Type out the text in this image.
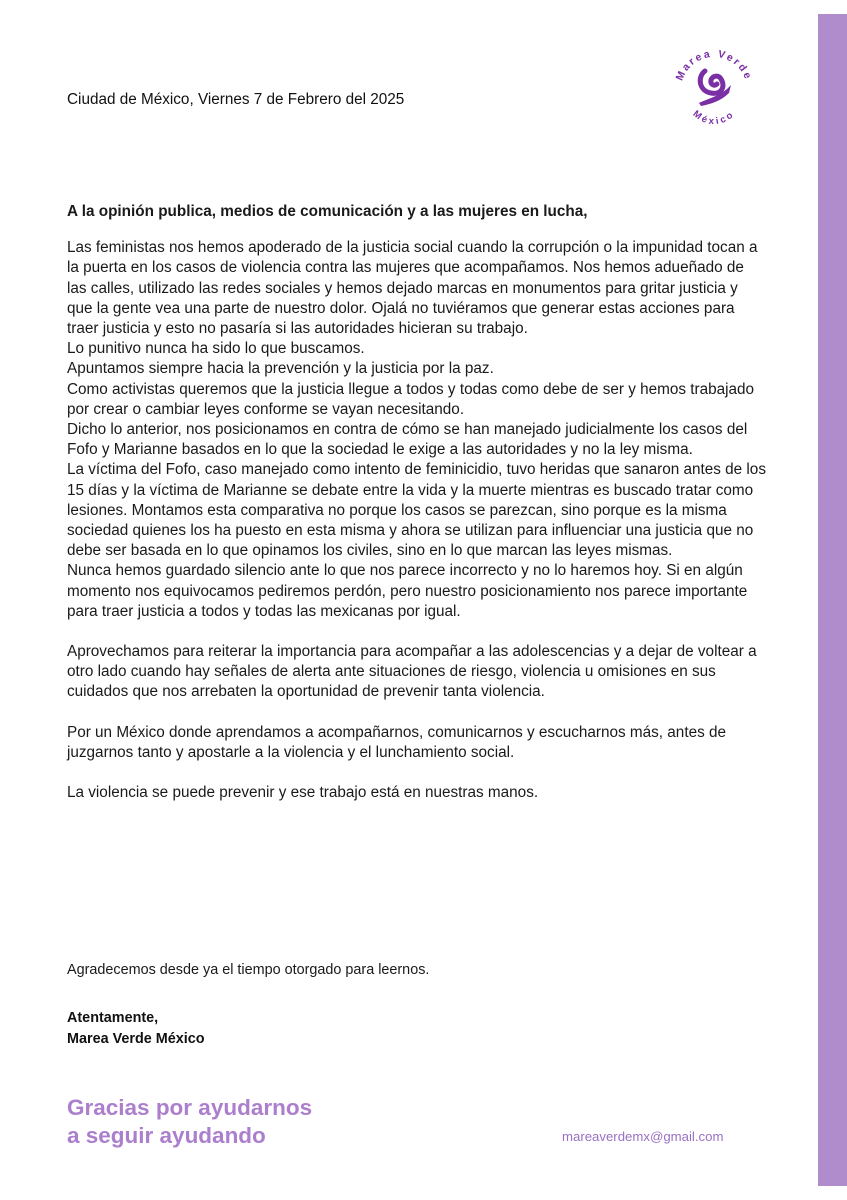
Marea Verde
México
Ciudad de México, Viernes 7 de Febrero del 2025

A la opinión publica, medios de comunicación y a las mujeres en lucha,

Las feministas nos hemos apoderado de la justicia social cuando la corrupción o la impunidad tocan a la puerta en los casos de violencia contra las mujeres que acompañamos. Nos hemos adueñado de las calles, utilizado las redes sociales y hemos dejado marcas en monumentos para gritar justicia y que la gente vea una parte de nuestro dolor. Ojalá no tuviéramos que generar estas acciones para traer justicia y esto no pasaría si las autoridades hicieran su trabajo.

Lo punitivo nunca ha sido lo que buscamos.

Apuntamos siempre hacia la prevención y la justicia por la paz.

Como activistas queremos que la justicia llegue a todos y todas como debe de ser y hemos trabajado por crear o cambiar leyes conforme se vayan necesitando.

Dicho lo anterior, nos posicionamos en contra de cómo se han manejado judicialmente los casos del Fofo y Marianne basados en lo que la sociedad le exige a las autoridades y no la ley misma.

La víctima del Fofo, caso manejado como intento de feminicidio, tuvo heridas que sanaron antes de los 15 días y la víctima de Marianne se debate entre la vida y la muerte mientras es buscado tratar como lesiones. Montamos esta comparativa no porque los casos se parezcan, sino porque es la misma sociedad quienes los ha puesto en esta misma y ahora se utilizan para influenciar una justicia que no debe ser basada en lo que opinamos los civiles, sino en lo que marcan las leyes mismas.

Nunca hemos guardado silencio ante lo que nos parece incorrecto y no lo haremos hoy. Si en algún momento nos equivocamos pediremos perdón, pero nuestro posicionamiento nos parece importante para traer justicia a todos y todas las mexicanas por igual.

Aprovechamos para reiterar la importancia para acompañar a las adolescencias y a dejar de voltear a otro lado cuando hay señales de alerta ante situaciones de riesgo, violencia u omisiones en sus cuidados que nos arrebaten la oportunidad de prevenir tanta violencia.

Por un México donde aprendamos a acompañarnos, comunicarnos y escucharnos más, antes de juzgarnos tanto y apostarle a la violencia y el lunchamiento social.

La violencia se puede prevenir y ese trabajo está en nuestras manos.

Agradecemos desde ya el tiempo otorgado para leernos.
Atentamente,
Marea Verde México
Gracias por ayudarnos
a seguir ayudando	mareaverdemx@gmail.com
